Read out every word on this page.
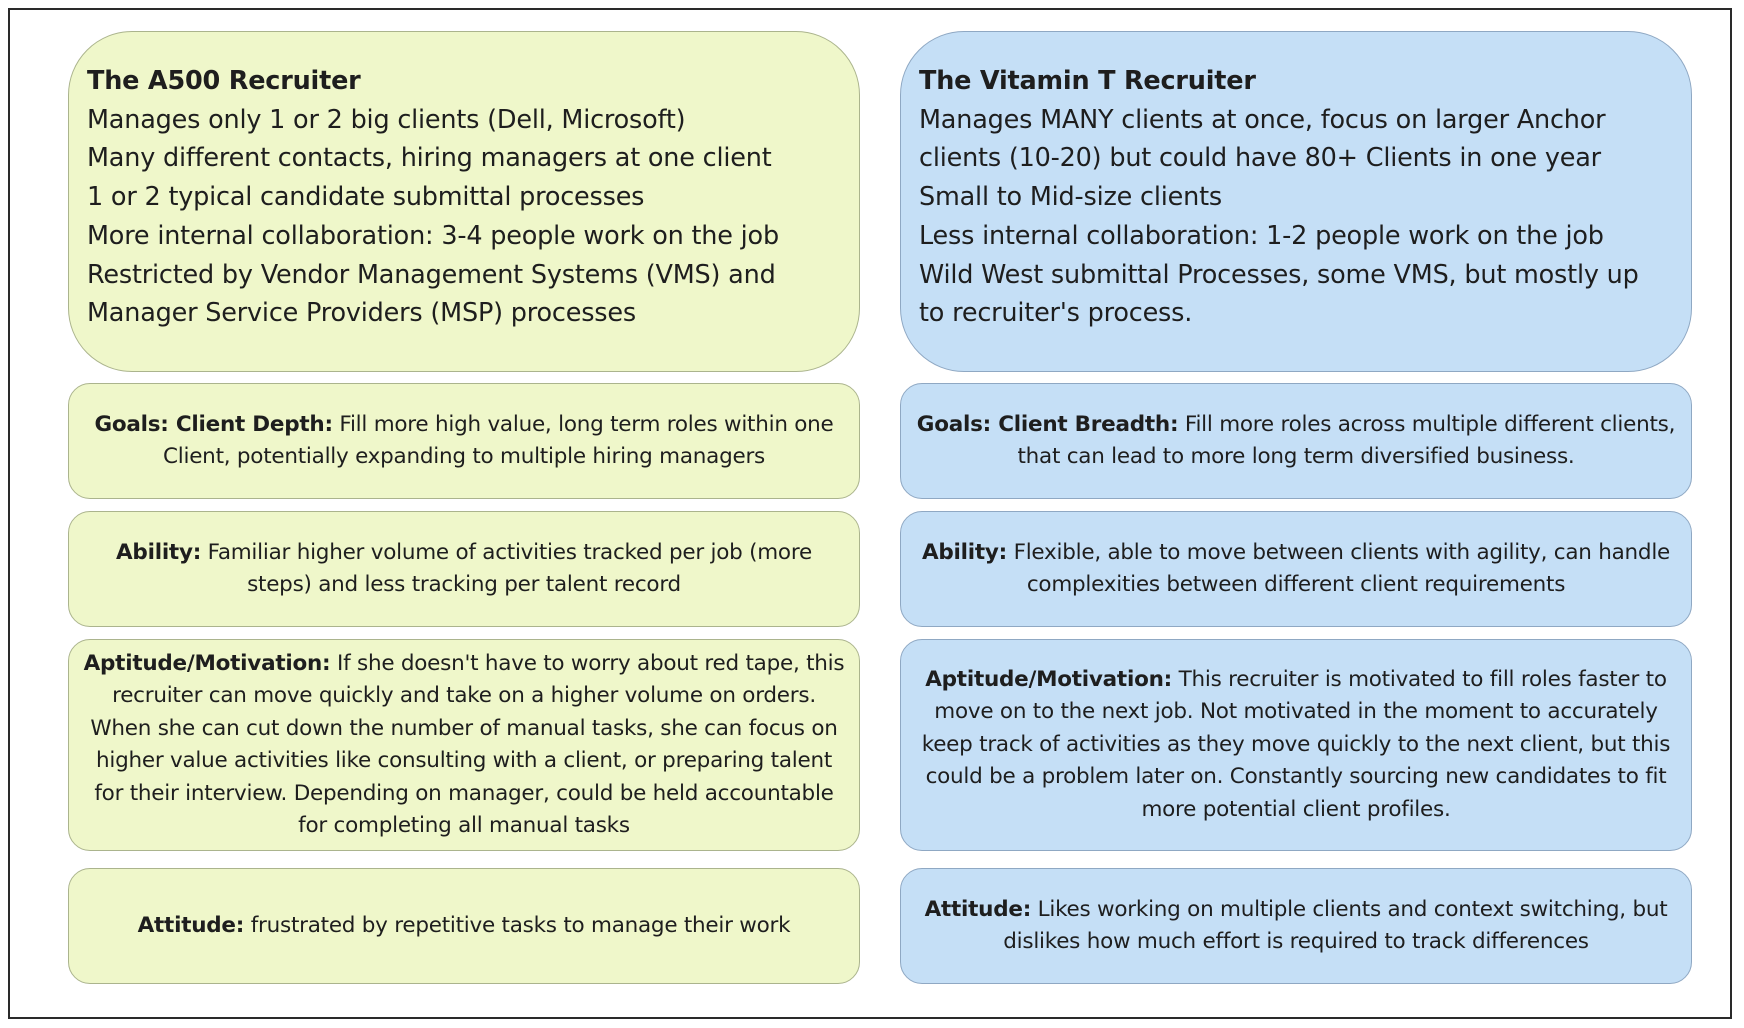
The A500 Recruiter
Manages only 1 or 2 big clients (Dell, Microsoft)
Many different contacts, hiring managers at one client
1 or 2 typical candidate submittal processes
More internal collaboration: 3-4 people work on the job
Restricted by Vendor Management Systems (VMS) and
Manager Service Providers (MSP) processes
Goals: Client Depth: Fill more high value, long term roles within one Client, potentially expanding to multiple hiring managers
Ability: Familiar higher volume of activities tracked per job (more steps) and less tracking per talent record
Aptitude/Motivation: If she doesn't have to worry about red tape, this recruiter can move quickly and take on a higher volume on orders. When she can cut down the number of manual tasks, she can focus on higher value activities like consulting with a client, or preparing talent for their interview. Depending on manager, could be held accountable for completing all manual tasks
Attitude: frustrated by repetitive tasks to manage their work
The Vitamin T Recruiter
Manages MANY clients at once, focus on larger Anchor
clients (10-20) but could have 80+ Clients in one year
Small to Mid-size clients
Less internal collaboration: 1-2 people work on the job
Wild West submittal Processes, some VMS, but mostly up
to recruiter's process.
Goals: Client Breadth: Fill more roles across multiple different clients, that can lead to more long term diversified business.
Ability: Flexible, able to move between clients with agility, can handle complexities between different client requirements
Aptitude/Motivation: This recruiter is motivated to fill roles faster to move on to the next job. Not motivated in the moment to accurately keep track of activities as they move quickly to the next client, but this could be a problem later on. Constantly sourcing new candidates to fit more potential client profiles.
Attitude: Likes working on multiple clients and context switching, but dislikes how much effort is required to track differences
